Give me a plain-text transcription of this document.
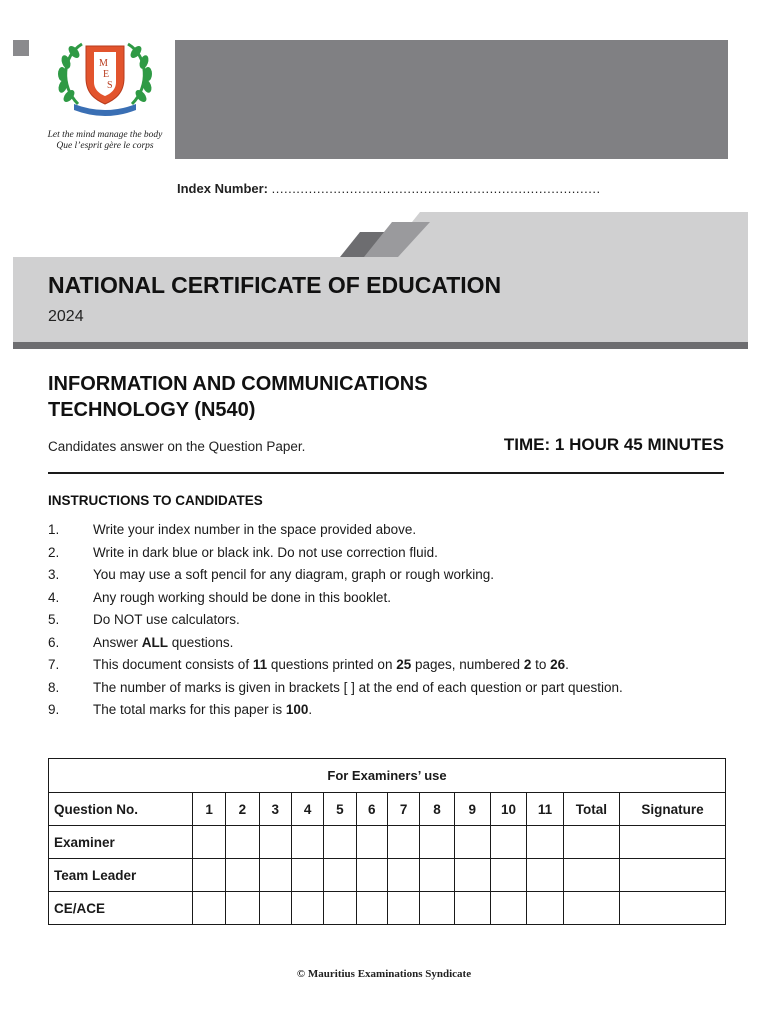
M
E
S
Let the mind manage the body
Que l’esprit gère le corps
Index Number: ................................................................................
NATIONAL CERTIFICATE OF EDUCATION
2024
INFORMATION AND COMMUNICATIONS
TECHNOLOGY (N540)
Candidates answer on the Question Paper.	TIME: 1 HOUR 45 MINUTES
INSTRUCTIONS TO CANDIDATES
1.	Write your index number in the space provided above.
2.	Write in dark blue or black ink. Do not use correction fluid.
3.	You may use a soft pencil for any diagram, graph or rough working.
4.	Any rough working should be done in this booklet.
5.	Do NOT use calculators.
6.	Answer ALL questions.
7.	This document consists of 11 questions printed on 25 pages, numbered 2 to 26.
8.	The number of marks is given in brackets [ ] at the end of each question or part question.
9.	The total marks for this paper is 100.
For Examiners’ use													
Question No.	1	2	3	4	5	6	7	8	9	10	11	Total	Signature
Examiner													
Team Leader													
CE/ACE													
© Mauritius Examinations Syndicate
